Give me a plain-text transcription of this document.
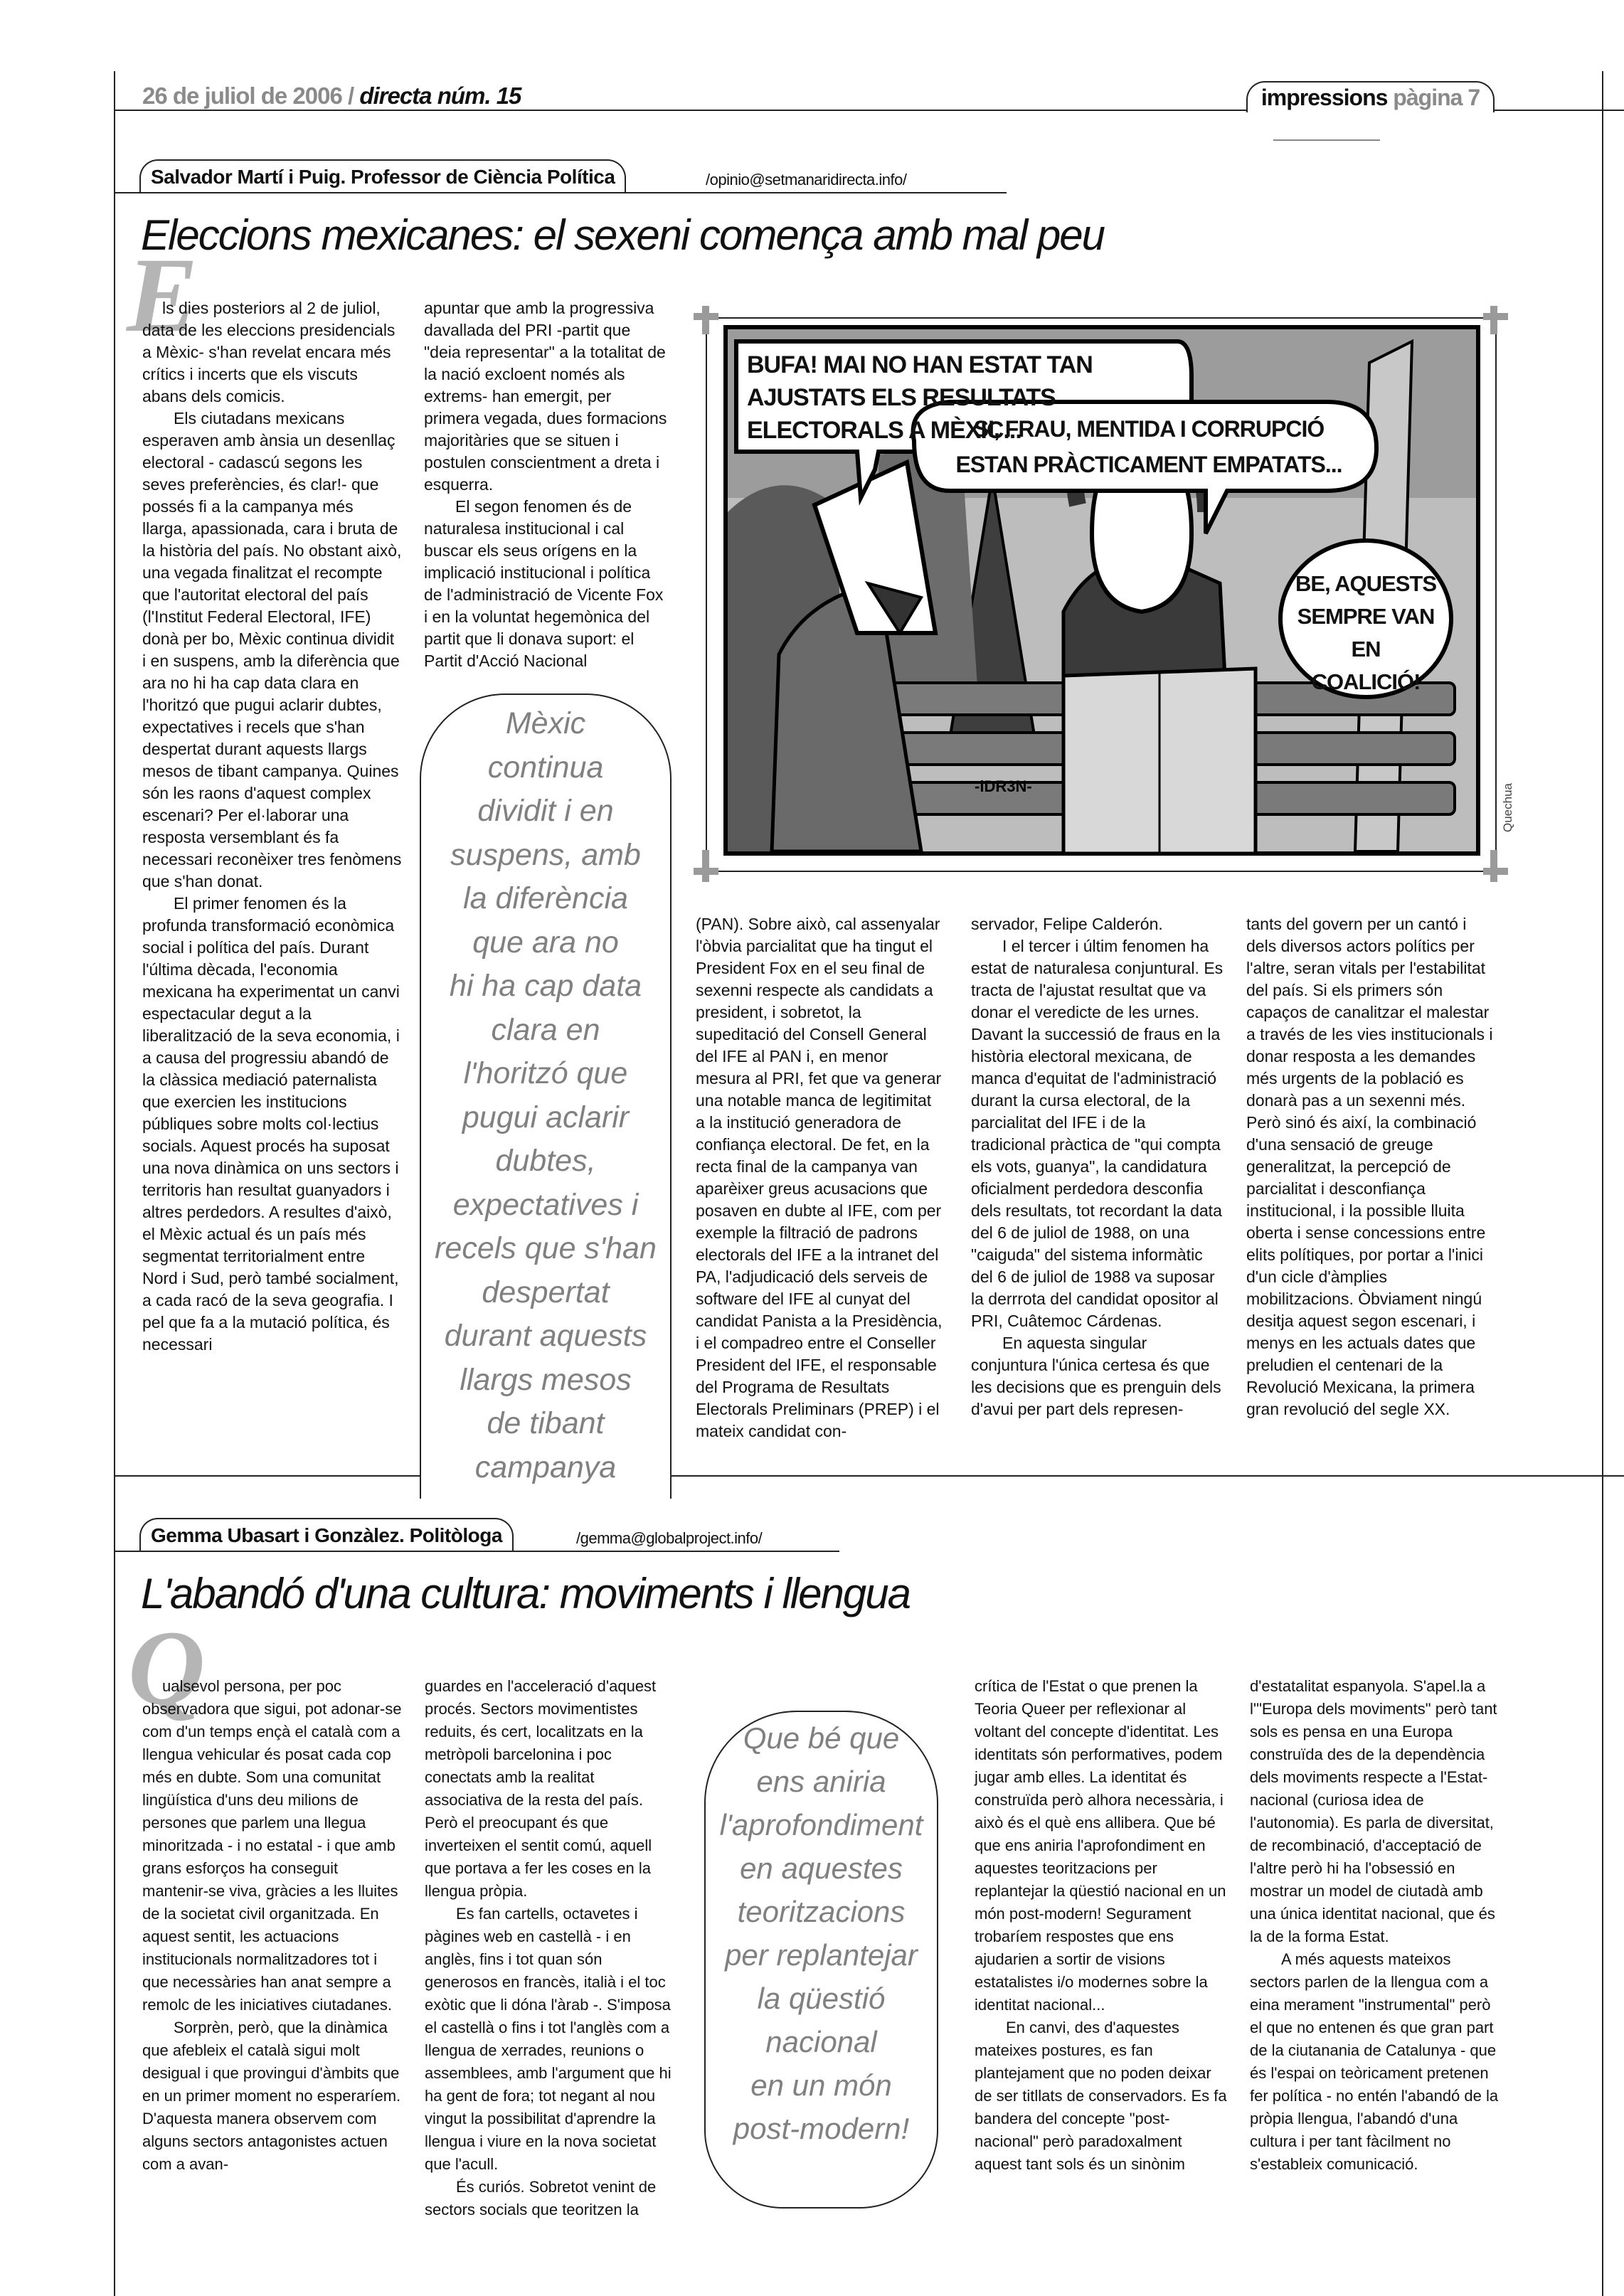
26 de juliol de 2006 / directa núm. 15	impressions pàgina 7
Salvador Martí i Puig. Professor de Ciència Política	/opinio@setmanaridirecta.info/
Eleccions mexicanes: el sexeni comença amb mal peu
E

ls dies posteriors al 2 de juliol, data de les eleccions presidencials a Mèxic- s'han revelat encara més crítics i incerts que els viscuts abans dels comicis.

Els ciutadans mexicans esperaven amb ànsia un desenllaç electoral - cadascú segons les seves preferències, és clar!- que possés fi a la campanya més llarga, apassionada, cara i bruta de la història del país. No obstant això, una vegada finalitzat el recompte que l'autoritat electoral del país (l'Institut Federal Electoral, IFE) donà per bo, Mèxic continua dividit i en suspens, amb la diferència que ara no hi ha cap data clara en l'horitzó que pugui aclarir dubtes, expectatives i recels que s'han despertat durant aquests llargs mesos de tibant campanya. Quines són les raons d'aquest complex escenari? Per el·laborar una resposta versemblant és fa necessari reconèixer tres fenòmens que s'han donat.

El primer fenomen és la profunda transformació econòmica social i política del país. Durant l'última dècada, l'economia mexicana ha experimentat un canvi espectacular degut a la liberalització de la seva economia, i a causa del progressiu abandó de la clàssica mediació paternalista que exercien les institucions públiques sobre molts col·lectius socials. Aquest procés ha suposat una nova dinàmica on uns sectors i territoris han resultat guanyadors i altres perdedors. A resultes d'això, el Mèxic actual és un país més segmentat territorialment entre Nord i Sud, però també socialment, a cada racó de la seva geografia. I pel que fa a la mutació política, és necessari

apuntar que amb la progressiva davallada del PRI -partit que "deia representar" a la totalitat de la nació excloent només als extrems- han emergit, per primera vegada, dues formacions majoritàries que se situen i postulen conscientment a dreta i esquerra.

El segon fenomen és de naturalesa institucional i cal buscar els seus orígens en la implicació institucional i política de l'administració de Vicente Fox i en la voluntat hegemònica del partit que li donava suport: el Partit d'Acció Nacional

Mèxic
continua
dividit i en
suspens, amb
la diferència
que ara no
hi ha cap data
clara en
l'horitzó que
pugui aclarir
dubtes,
expectatives i
recels que s'han
despertat
durant aquests
llargs mesos
de tibant
campanya
-iDR3N-
BUFA! MAI NO HAN ESTAT TAN AJUSTATS ELS RESULTATS ELECTORALS A MÈXIC...
SI, FRAU, MENTIDA I CORRUPCIÓ ESTAN PRÀCTICAMENT EMPATATS...
BE, AQUESTS SEMPRE VAN EN COALICIÓ!
Quechua

(PAN). Sobre això, cal assenyalar l'òbvia parcialitat que ha tingut el President Fox en el seu final de sexenni respecte als candidats a president, i sobretot, la supeditació del Consell General del IFE al PAN i, en menor mesura al PRI, fet que va generar una notable manca de legitimitat a la institució generadora de confiança electoral. De fet, en la recta final de la campanya van aparèixer greus acusacions que posaven en dubte al IFE, com per exemple la filtració de padrons electorals del IFE a la intranet del PA, l'adjudicació dels serveis de software del IFE al cunyat del candidat Panista a la Presidència, i el compadreo entre el Conseller President del IFE, el responsable del Programa de Resultats Electorals Preliminars (PREP) i el mateix candidat con-

servador, Felipe Calderón.

I el tercer i últim fenomen ha estat de naturalesa conjuntural. Es tracta de l'ajustat resultat que va donar el veredicte de les urnes. Davant la successió de fraus en la història electoral mexicana, de manca d'equitat de l'administració durant la cursa electoral, de la parcialitat del IFE i de la tradicional pràctica de "qui compta els vots, guanya", la candidatura oficialment perdedora desconfia dels resultats, tot recordant la data del 6 de juliol de 1988, on una "caiguda" del sistema informàtic del 6 de juliol de 1988 va suposar la derrrota del candidat opositor al PRI, Cuâtemoc Cárdenas.

En aquesta singular conjuntura l'única certesa és que les decisions que es prenguin dels d'avui per part dels represen-

tants del govern per un cantó i dels diversos actors polítics per l'altre, seran vitals per l'estabilitat del país. Si els primers són capaços de canalitzar el malestar a través de les vies institucionals i donar resposta a les demandes més urgents de la població es donarà pas a un sexenni més. Però sinó és així, la combinació d'una sensació de greuge generalitzat, la percepció de parcialitat i desconfiança institucional, i la possible lluita oberta i sense concessions entre elits polítiques, por portar a l'inici d'un cicle d'àmplies mobilitzacions. Òbviament ningú desitja aquest segon escenari, i menys en les actuals dates que preludien el centenari de la Revolució Mexicana, la primera gran revolució del segle XX.

Gemma Ubasart i Gonzàlez. Politòloga	/gemma@globalproject.info/
L'abandó d'una cultura: moviments i llengua
Q

ualsevol persona, per poc observadora que sigui, pot adonar-se com d'un temps ençà el català com a llengua vehicular és posat cada cop més en dubte. Som una comunitat lingüística d'uns deu milions de persones que parlem una llegua minoritzada - i no estatal - i que amb grans esforços ha conseguit mantenir-se viva, gràcies a les lluites de la societat civil organitzada. En aquest sentit, les actuacions institucionals normalitzadores tot i que necessàries han anat sempre a remolc de les iniciatives ciutadanes.

Sorprèn, però, que la dinàmica que afebleix el català sigui molt desigual i que provingui d'àmbits que en un primer moment no esperaríem. D'aquesta manera observem com alguns sectors antagonistes actuen com a avan-

guardes en l'acceleració d'aquest procés. Sectors movimentistes reduits, és cert, localitzats en la metròpoli barcelonina i poc conectats amb la realitat associativa de la resta del país. Però el preocupant és que inverteixen el sentit comú, aquell que portava a fer les coses en la llengua pròpia.

Es fan cartells, octavetes i pàgines web en castellà - i en anglès, fins i tot quan són generosos en francès, italià i el toc exòtic que li dóna l'àrab -. S'imposa el castellà o fins i tot l'anglès com a llengua de xerrades, reunions o assemblees, amb l'argument que hi ha gent de fora; tot negant al nou vingut la possibilitat d'aprendre la llengua i viure en la nova societat que l'acull.

És curiós. Sobretot venint de sectors socials que teoritzen la

crítica de l'Estat o que prenen la Teoria Queer per reflexionar al voltant del concepte d'identitat. Les identitats són performatives, podem jugar amb elles. La identitat és construïda però alhora necessària, i això és el què ens allibera. Que bé que ens aniria l'aprofondiment en aquestes teoritzacions per replantejar la qüestió nacional en un món post-modern! Segurament trobaríem respostes que ens ajudarien a sortir de visions estatalistes i/o modernes sobre la identitat nacional...

En canvi, des d'aquestes mateixes postures, es fan plantejament que no poden deixar de ser titllats de conservadors. Es fa bandera del concepte "post-nacional" però paradoxalment aquest tant sols és un sinònim

d'estatalitat espanyola. S'apel.la a l'"Europa dels moviments" però tant sols es pensa en una Europa construïda des de la dependència dels moviments respecte a l'Estat-nacional (curiosa idea de l'autonomia). Es parla de diversitat, de recombinació, d'acceptació de l'altre però hi ha l'obsessió en mostrar un model de ciutadà amb una única identitat nacional, que és la de la forma Estat.

A més aquests mateixos sectors parlen de la llengua com a eina merament "instrumental" però el que no entenen és que gran part de la ciutanania de Catalunya - que és l'espai on teòricament pretenen fer política - no entén l'abandó de la pròpia llengua, l'abandó d'una cultura i per tant fàcilment no s'estableix comunicació.

Que bé que
ens aniria
l'aprofondiment
en aquestes
teoritzacions
per replantejar
la qüestió
nacional
en un món
post-modern!
